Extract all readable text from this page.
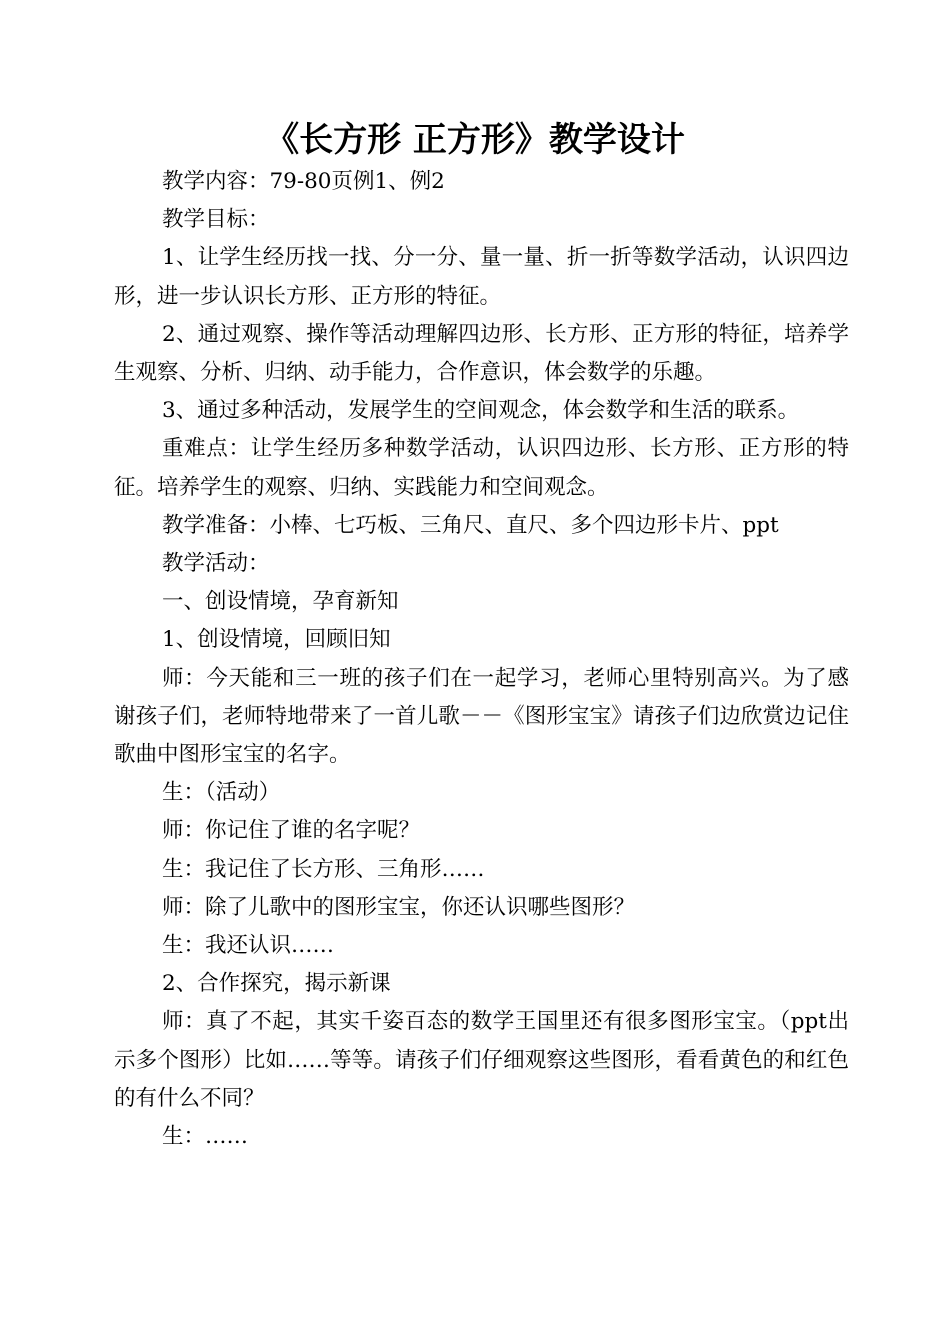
《长方形 正方形》教学设计

教学内容：79-80页例1、例2

教学目标：

1、让学生经历找一找、分一分、量一量、折一折等数学活动，认识四边形，进一步认识长方形、正方形的特征。

2、通过观察、操作等活动理解四边形、长方形、正方形的特征，培养学生观察、分析、归纳、动手能力，合作意识，体会数学的乐趣。

3、通过多种活动，发展学生的空间观念，体会数学和生活的联系。

重难点：让学生经历多种数学活动，认识四边形、长方形、正方形的特征。培养学生的观察、归纳、实践能力和空间观念。

教学准备：小棒、七巧板、三角尺、直尺、多个四边形卡片、ppt

教学活动：

一、创设情境，孕育新知

1、创设情境，回顾旧知

师：今天能和三一班的孩子们在一起学习，老师心里特别高兴。为了感谢孩子们，老师特地带来了一首儿歌－－《图形宝宝》请孩子们边欣赏边记住歌曲中图形宝宝的名字。

生：（活动）

师：你记住了谁的名字呢？

生：我记住了长方形、三角形……

师：除了儿歌中的图形宝宝，你还认识哪些图形？

生：我还认识……

2、合作探究，揭示新课

师：真了不起，其实千姿百态的数学王国里还有很多图形宝宝。（ppt出示多个图形）比如……等等。请孩子们仔细观察这些图形，看看黄色的和红色的有什么不同？

生：……
